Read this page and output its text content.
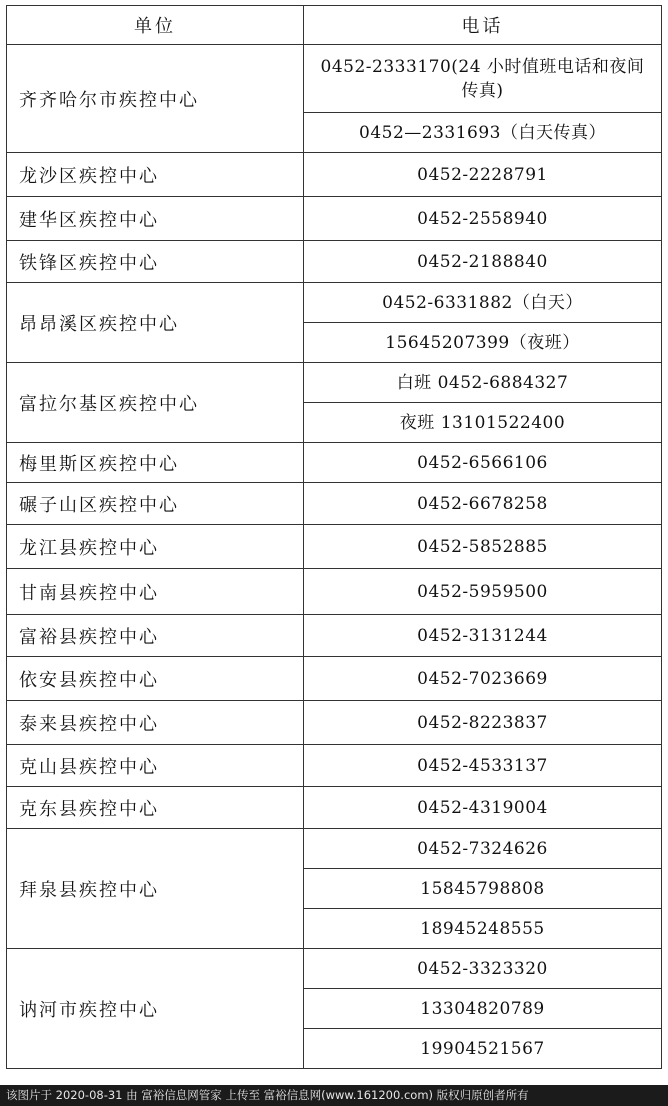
单位	电话
齐齐哈尔市疾控中心	0452-2333170(24 小时值班电话和夜间传真)
	0452—2331693（白天传真）
龙沙区疾控中心	0452-2228791
建华区疾控中心	0452-2558940
铁锋区疾控中心	0452-2188840
昂昂溪区疾控中心	0452-6331882（白天）
	15645207399（夜班）
富拉尔基区疾控中心	白班 0452-6884327
	夜班 13101522400
梅里斯区疾控中心	0452-6566106
碾子山区疾控中心	0452-6678258
龙江县疾控中心	0452-5852885
甘南县疾控中心	0452-5959500
富裕县疾控中心	0452-3131244
依安县疾控中心	0452-7023669
泰来县疾控中心	0452-8223837
克山县疾控中心	0452-4533137
克东县疾控中心	0452-4319004
拜泉县疾控中心	0452-7324626
	15845798808
	18945248555
讷河市疾控中心	0452-3323320
	13304820789
	19904521567
该图片于 2020-08-31 由 富裕信息网管家 上传至 富裕信息网(www.161200.com) 版权归原创者所有
